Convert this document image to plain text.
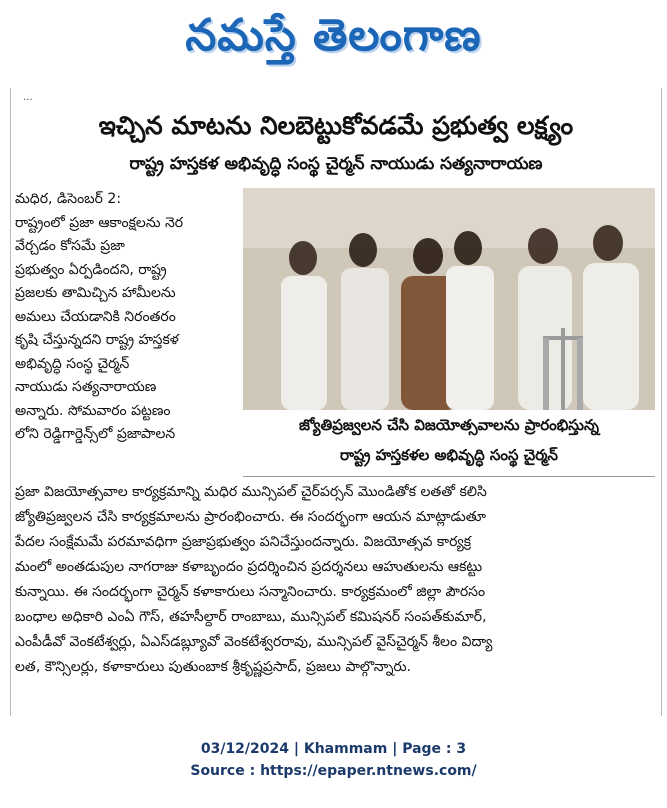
నమస్తే తెలంగాణ
...
ఇచ్చిన మాటను నిలబెట్టుకోవడమే ప్రభుత్వ లక్ష్యం
రాష్ట్ర హస్తకళ అభివృద్ధి సంస్థ చైర్మన్ నాయుడు సత్యనారాయణ
మధిర, డిసెంబర్ 2:
రాష్ట్రంలో ప్రజా ఆకాంక్షలను నెర
వేర్చడం కోసమే ప్రజా
ప్రభుత్వం ఏర్పడిందని, రాష్ట్ర
ప్రజలకు తామిచ్చిన హామీలను
అమలు చేయడానికి నిరంతరం
కృషి చేస్తున్నదని రాష్ట్ర హస్తకళ
అభివృద్ధి సంస్థ చైర్మన్
నాయుడు సత్యనారాయణ
అన్నారు. సోమవారం పట్టణం
లోని రెడ్డిగార్డెన్స్‌లో ప్రజాపాలన	జ్యోతిప్రజ్వలన చేసి విజయోత్సవాలను ప్రారంభిస్తున్న
రాష్ట్ర హస్తకళల అభివృద్ధి సంస్థ చైర్మన్
ప్రజా విజయోత్సవాల కార్యక్రమాన్ని మధిర మున్సిపల్ చైర్‌పర్సన్ మొండితోక లతతో కలిసి
జ్యోతిప్రజ్వలన చేసి కార్యక్రమాలను ప్రారంభించారు. ఈ సందర్భంగా ఆయన మాట్లాడుతూ
పేదల సంక్షేమమే పరమావధిగా ప్రజాప్రభుత్వం పనిచేస్తుందన్నారు. విజయోత్సవ కార్యక్ర
మంలో అంతడుపుల నాగరాజు కళాబృందం ప్రదర్శించిన ప్రదర్శనలు ఆహుతులను ఆకట్టు
కున్నాయి. ఈ సందర్భంగా చైర్మన్ కళాకారులు సన్మానించారు. కార్యక్రమంలో జిల్లా పౌరసం
బంధాల అధికారి ఎంఏ గౌస్, తహసీల్దార్ రాంబాబు, మున్సిపల్ కమిషనర్ సంపత్‌కుమార్,
ఎంపీడీవో వెంకటేశ్వర్లు, ఏఎస్‌డబ్ల్యూవో వెంకటేశ్వరరావు, మున్సిపల్ వైస్‌చైర్మన్ శీలం విద్యా
లత, కౌన్సిలర్లు, కళాకారులు పుతుంబాక శ్రీకృష్ణప్రసాద్, ప్రజలు పాల్గొన్నారు.
03/12/2024 | Khammam | Page : 3
Source : https://epaper.ntnews.com/
